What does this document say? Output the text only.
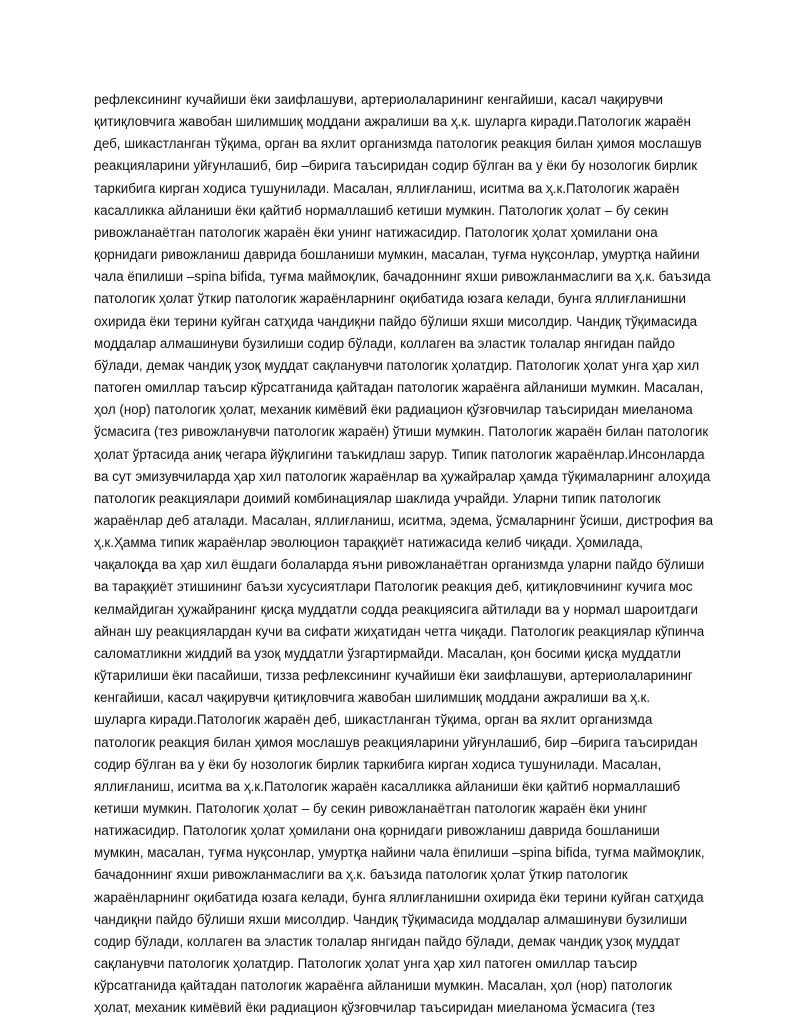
рефлексининг кучайиши ёки заифлашуви, артериолаларининг кенгайиши, касал чақирувчи
қитиқловчига жавобан шилимшиқ моддани ажралиши ва ҳ.к. шуларга киради.Патологик жараён
деб, шикастланган тўқима, орган ва яхлит организмда патологик реакция билан ҳимоя мослашув
реакцияларини уйғунлашиб, бир –бирига таъсиридан содир бўлган ва у ёки бу нозологик бирлик
таркибига кирган ходиса тушунилади. Масалан, яллиғланиш, иситма ва ҳ.к.Патологик жараён
касалликка айланиши ёки қайтиб нормаллашиб кетиши мумкин. Патологик ҳолат – бу секин
ривожланаётган патологик жараён ёки унинг натижасидир. Патологик ҳолат ҳомилани она
қорнидаги ривожланиш даврида бошланиши мумкин, масалан, туғма нуқсонлар, умуртқа найини
чала ёпилиши –spina bifida, туғма маймоқлик, бачадоннинг яхши ривожланмаслиги ва ҳ.к. баъзида
патологик ҳолат ўткир патологик жараёнларнинг оқибатида юзага келади, бунга яллиғланишни
охирида ёки терини куйган сатҳида чандиқни пайдо бўлиши яхши мисолдир. Чандиқ тўқимасида
моддалар алмашинуви бузилиши содир бўлади, коллаген ва эластик толалар янгидан пайдо
бўлади, демак чандиқ узоқ муддат сақланувчи патологик ҳолатдир. Патологик ҳолат унга ҳар хил
патоген омиллар таъсир кўрсатганида қайтадан патологик жараёнга айланиши мумкин. Масалан,
ҳол (нор) патологик ҳолат, механик кимёвий ёки радиацион қўзғовчилар таъсиридан миеланома
ўсмасига (тез ривожланувчи патологик жараён) ўтиши мумкин. Патологик жараён билан патологик
ҳолат ўртасида аниқ чегара йўқлигини таъкидлаш зарур. Типик патологик жараёнлар.Инсонларда
ва сут эмизувчиларда ҳар хил патологик жараёнлар ва ҳужайралар ҳамда тўқималарнинг алоҳида
патологик реакциялари доимий комбинациялар шаклида учрайди. Уларни типик патологик
жараёнлар деб аталади. Масалан, яллиғланиш, иситма, эдема, ўсмаларнинг ўсиши, дистрофия ва
ҳ.к.Ҳамма типик жараёнлар эволюцион тараққиёт натижасида келиб чиқади. Ҳомилада,
чақалоқда ва ҳар хил ёшдаги болаларда яъни ривожланаётган организмда уларни пайдо бўлиши
ва тараққиёт этишининг баъзи хусусиятлари Патологик реакция деб, қитиқловчининг кучига мос
келмайдиган ҳужайранинг қисқа муддатли содда реакциясига айтилади ва у нормал шароитдаги
айнан шу реакциялардан кучи ва сифати жиҳатидан четга чиқади. Патологик реакциялар кўпинча
саломатликни жиддий ва узоқ муддатли ўзгартирмайди. Масалан, қон босими қисқа муддатли
кўтарилиши ёки пасайиши, тизза рефлексининг кучайиши ёки заифлашуви, артериолаларининг
кенгайиши, касал чақирувчи қитиқловчига жавобан шилимшиқ моддани ажралиши ва ҳ.к.
шуларга киради.Патологик жараён деб, шикастланган тўқима, орган ва яхлит организмда
патологик реакция билан ҳимоя мослашув реакцияларини уйғунлашиб, бир –бирига таъсиридан
содир бўлган ва у ёки бу нозологик бирлик таркибига кирган ходиса тушунилади. Масалан,
яллиғланиш, иситма ва ҳ.к.Патологик жараён касалликка айланиши ёки қайтиб нормаллашиб
кетиши мумкин. Патологик ҳолат – бу секин ривожланаётган патологик жараён ёки унинг
натижасидир. Патологик ҳолат ҳомилани она қорнидаги ривожланиш даврида бошланиши
мумкин, масалан, туғма нуқсонлар, умуртқа найини чала ёпилиши –spina bifida, туғма маймоқлик,
бачадоннинг яхши ривожланмаслиги ва ҳ.к. баъзида патологик ҳолат ўткир патологик
жараёнларнинг оқибатида юзага келади, бунга яллиғланишни охирида ёки терини куйган сатҳида
чандиқни пайдо бўлиши яхши мисолдир. Чандиқ тўқимасида моддалар алмашинуви бузилиши
содир бўлади, коллаген ва эластик толалар янгидан пайдо бўлади, демак чандиқ узоқ муддат
сақланувчи патологик ҳолатдир. Патологик ҳолат унга ҳар хил патоген омиллар таъсир
кўрсатганида қайтадан патологик жараёнга айланиши мумкин. Масалан, ҳол (нор) патологик
ҳолат, механик кимёвий ёки радиацион қўзғовчилар таъсиридан миеланома ўсмасига (тез
